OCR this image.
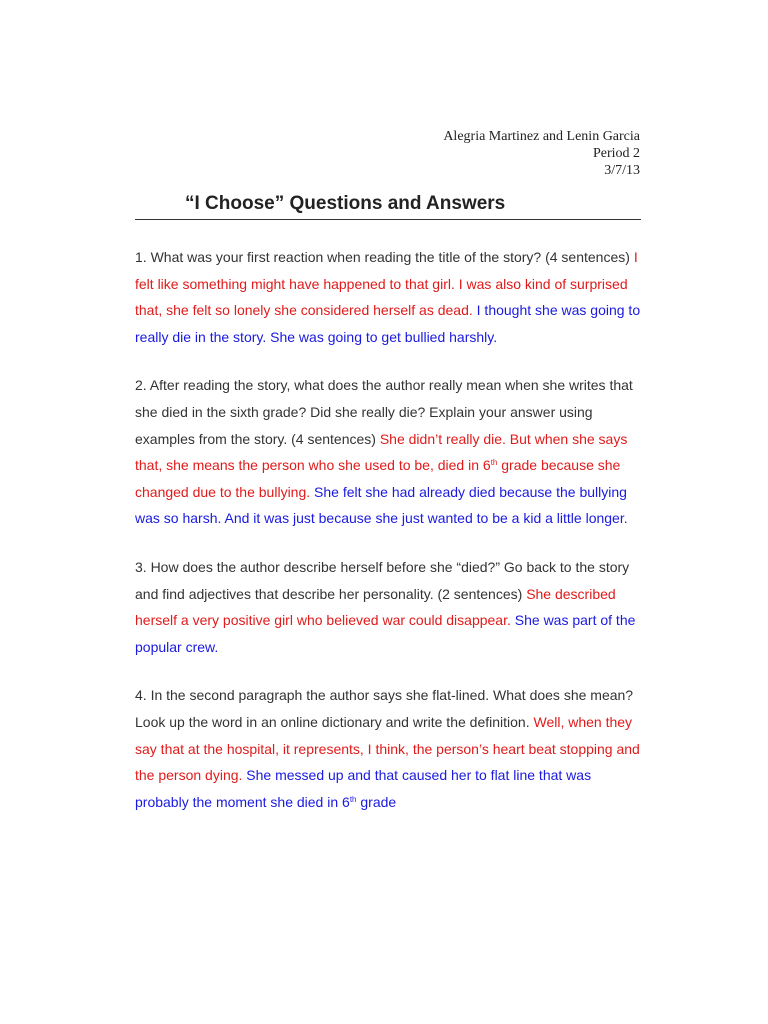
Alegria Martinez and Lenin Garcia
Period 2
3/7/13
“I Choose” Questions and Answers

1. What was your first reaction when reading the title of the story? (4 sentences) I felt like something might have happened to that girl. I was also kind of surprised that, she felt so lonely she considered herself as dead. I thought she was going to really die in the story. She was going to get bullied harshly.

2. After reading the story, what does the author really mean when she writes that she died in the sixth grade? Did she really die? Explain your answer using examples from the story. (4 sentences) She didn’t really die. But when she says that, she means the person who she used to be, died in 6th grade because she changed due to the bullying. She felt she had already died because the bullying was so harsh. And it was just because she just wanted to be a kid a little longer.

3. How does the author describe herself before she “died?” Go back to the story and find adjectives that describe her personality. (2 sentences) She described herself a very positive girl who believed war could disappear. She was part of the popular crew.

4. In the second paragraph the author says she flat-lined. What does she mean? Look up the word in an online dictionary and write the definition. Well, when they say that at the hospital, it represents, I think, the person’s heart beat stopping and the person dying. She messed up and that caused her to flat line that was probably the moment she died in 6th grade
